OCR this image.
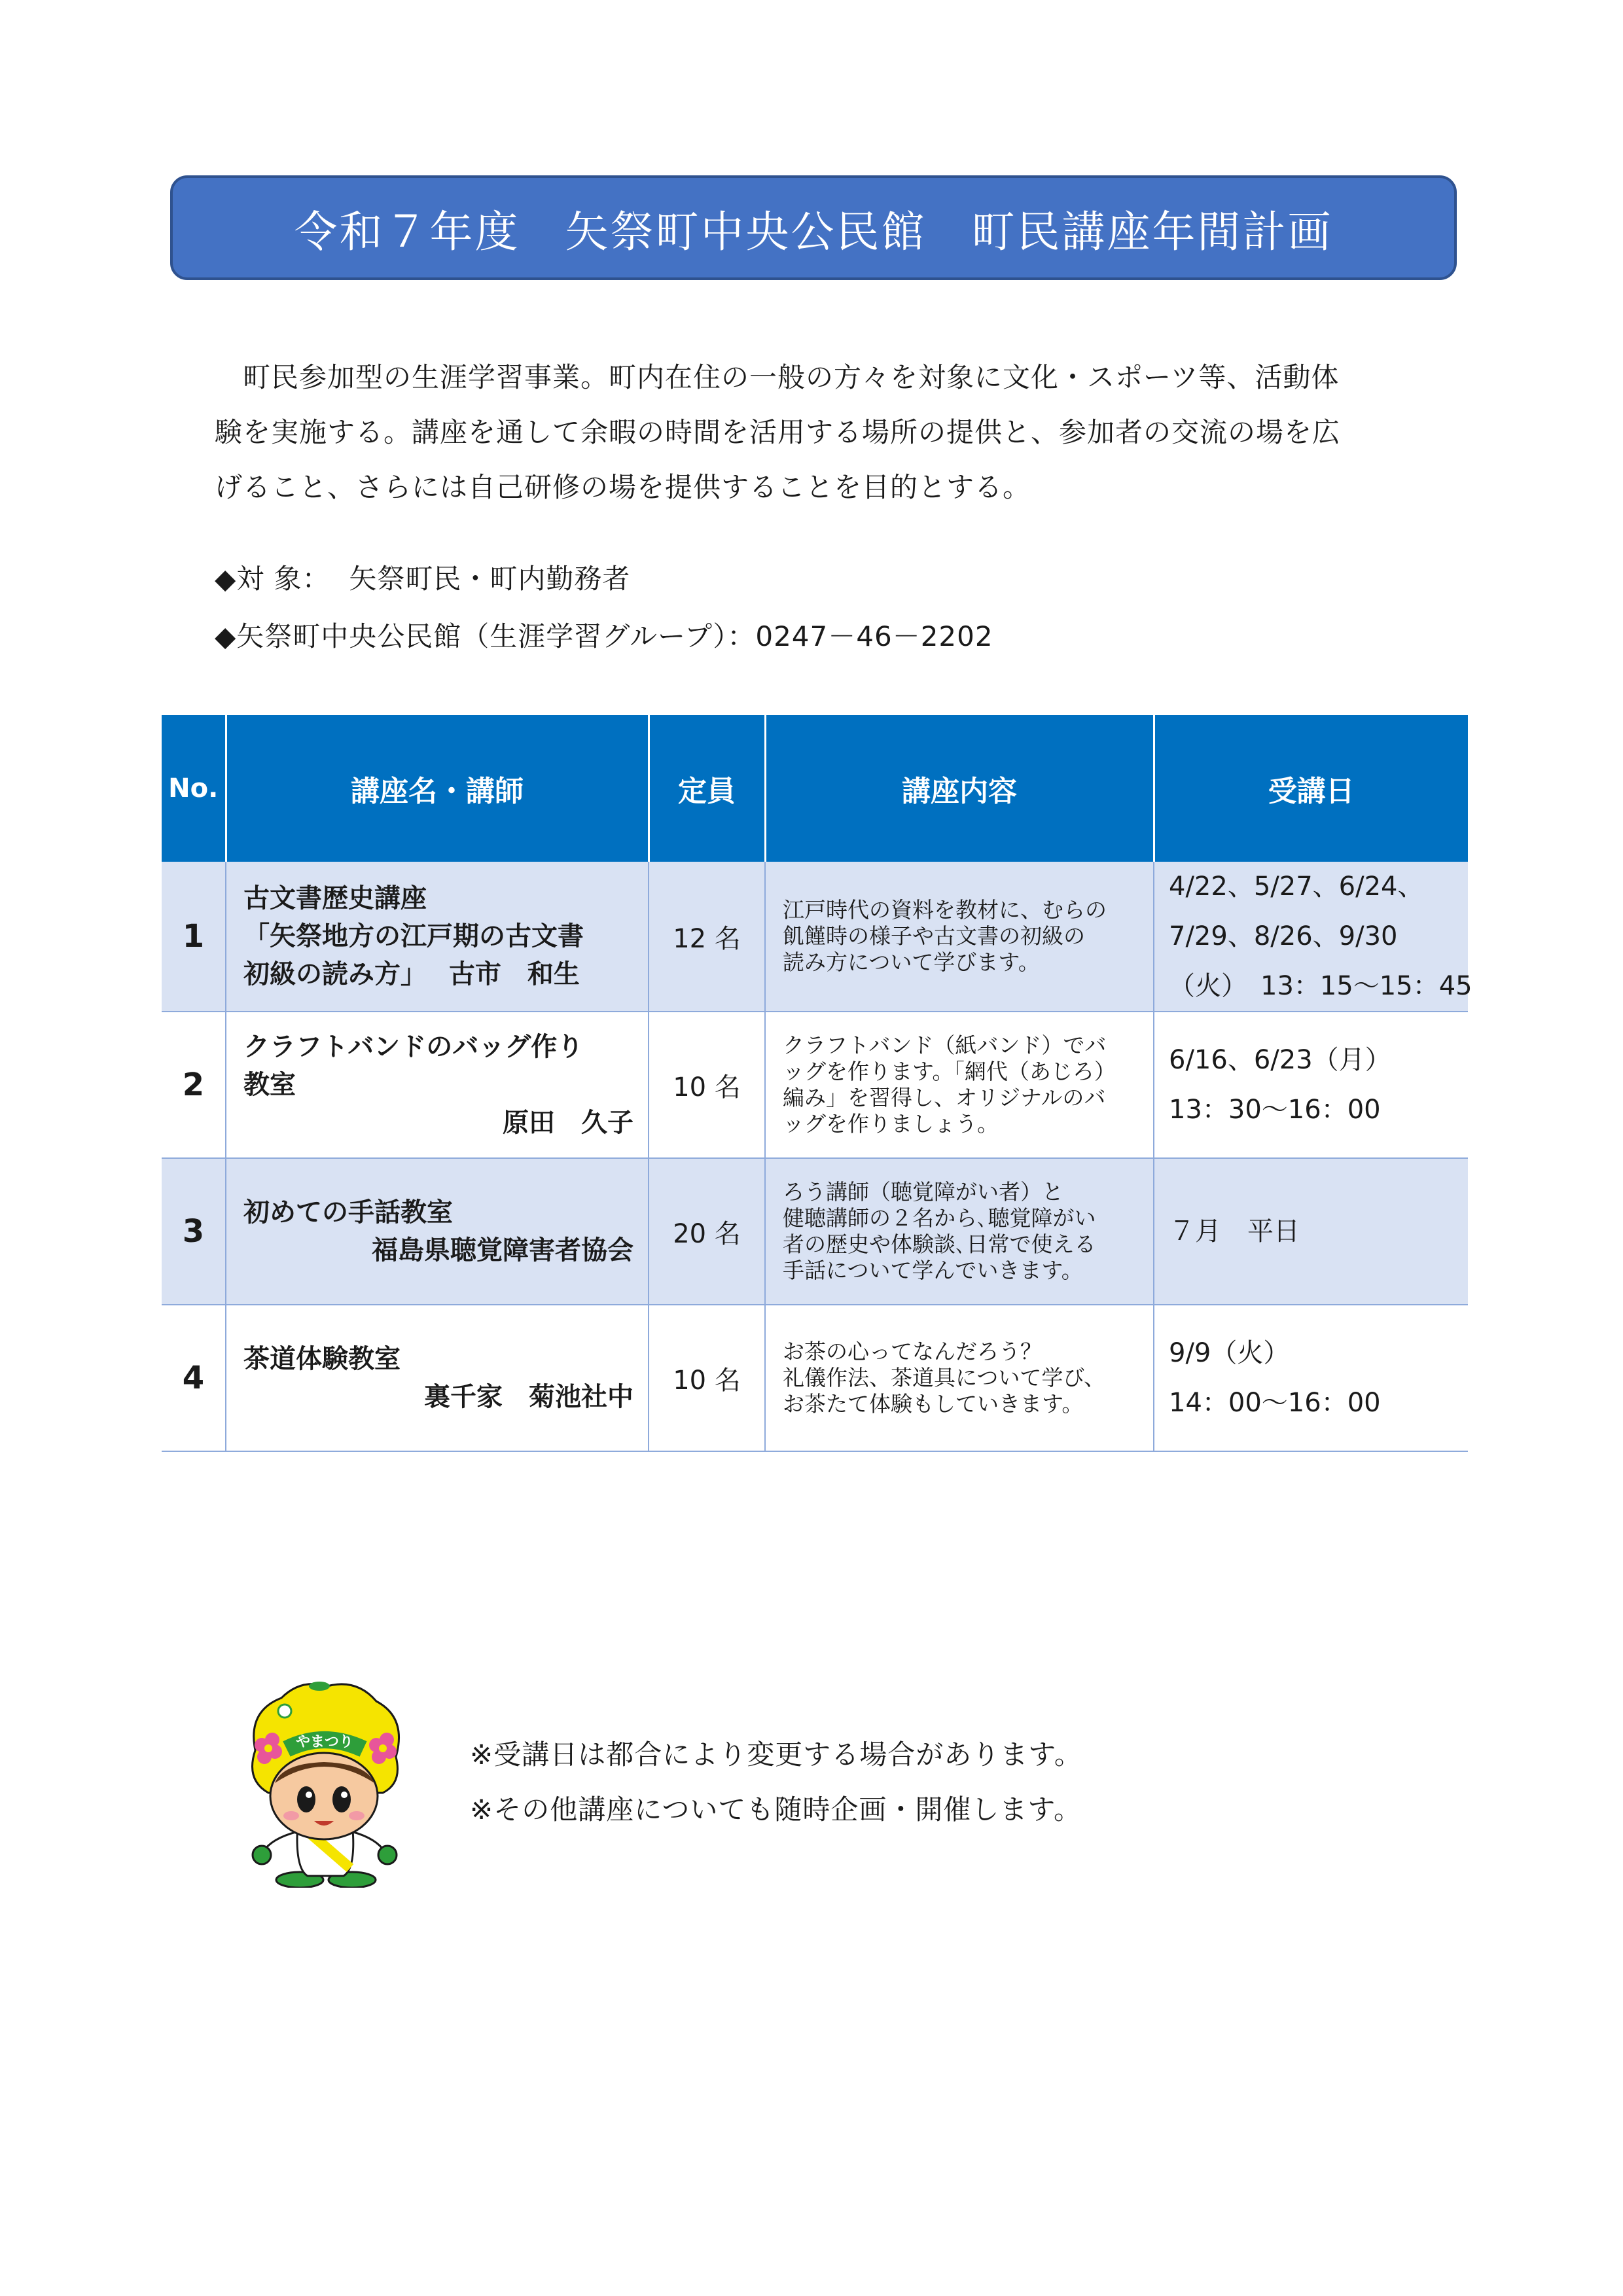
令和７年度　矢祭町中央公民館　町民講座年間計画
　町民参加型の生涯学習事業。町内在住の一般の方々を対象に文化・スポーツ等、活動体
験を実施する。講座を通して余暇の時間を活用する場所の提供と、参加者の交流の場を広
げること、さらには自己研修の場を提供することを目的とする。
◆対 象：  矢祭町民・町内勤務者
◆矢祭町中央公民館（生涯学習グループ）：0247－46－2202
No.	講座名・講師	定員	講座内容	受講日
1	古文書歴史講座
「矢祭地方の江戸期の古文書
初級の読み方」　 古市　和生	12 名	江戸時代の資料を教材に、むらの
飢饉時の様子や古文書の初級の
読み方について学びます。	4/22、5/27、6/24、
7/29、8/26、9/30
（火）　13：15～15：45

2	クラフトバンドのバッグ作り
教室
原田　久子	10 名	クラフトバンド（紙バンド）でバ
ッグを作ります。｢網代（あじろ）
編み」を習得し、オリジナルのバ
ッグを作りましょう。	6/16、6/23（月）
13：30～16：00

3	初めての手話教室
福島県聴覚障害者協会	20 名	ろう講師（聴覚障がい者）と
健聴講師の２名から､聴覚障がい
者の歴史や体験談､日常で使える
手話について学んでいきます。	７月　平日

4	茶道体験教室
裏千家　菊池社中	10 名	お茶の心ってなんだろう？
礼儀作法、茶道具について学び、
お茶たて体験もしていきます。	9/9（火）
14：00～16：00
やまつり	※受講日は都合により変更する場合があります。
※その他講座についても随時企画・開催します。
